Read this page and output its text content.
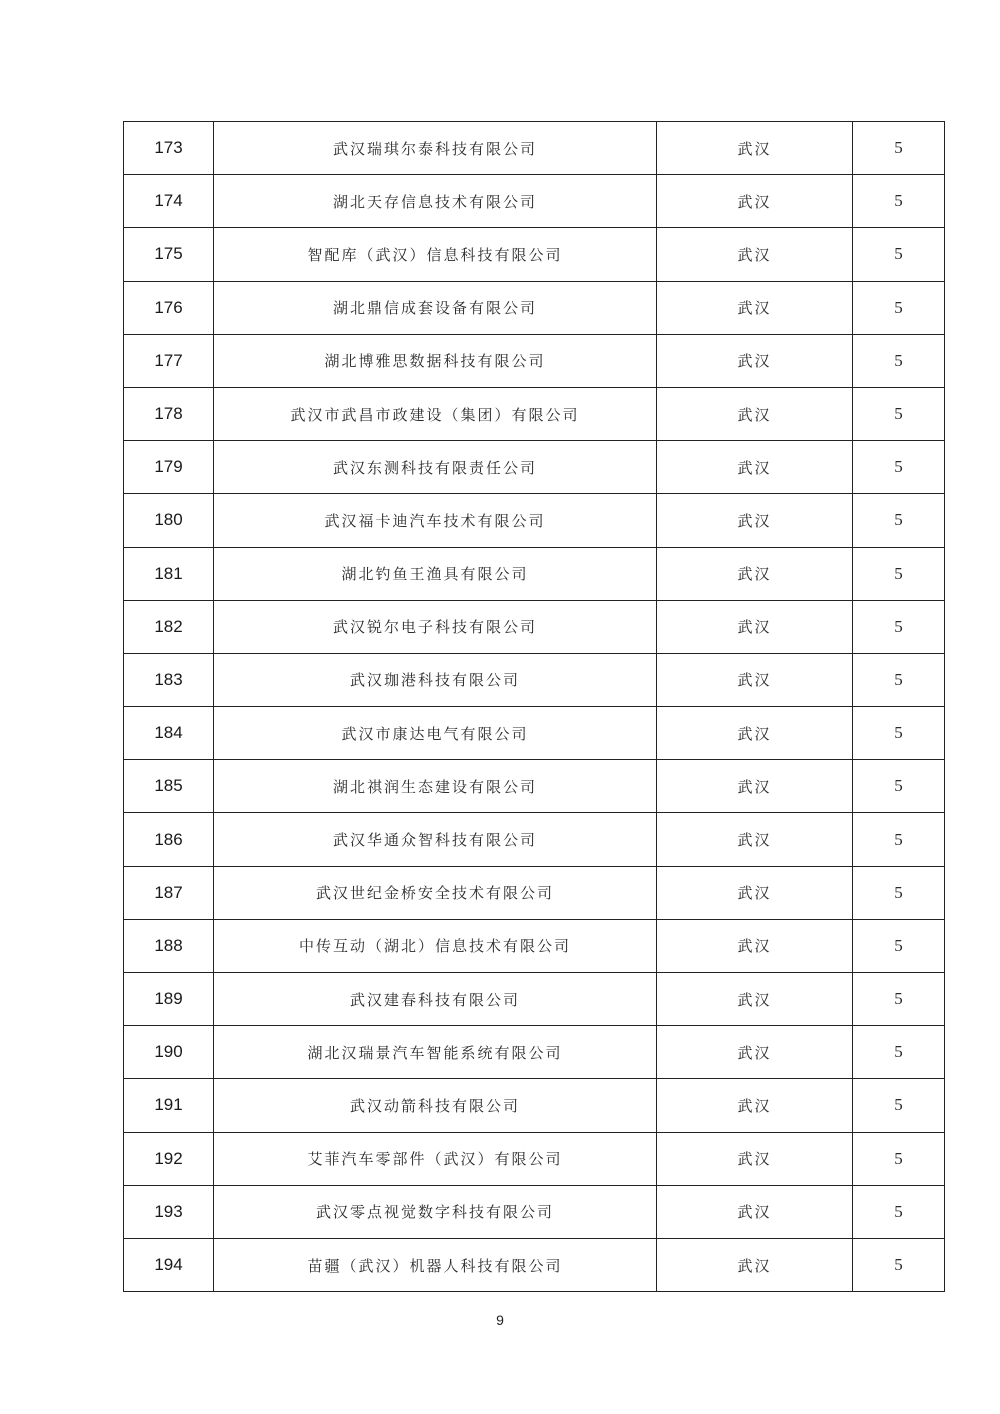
173	武汉瑞琪尔泰科技有限公司	武汉	5
174	湖北天存信息技术有限公司	武汉	5
175	智配库（武汉）信息科技有限公司	武汉	5
176	湖北鼎信成套设备有限公司	武汉	5
177	湖北博雅思数据科技有限公司	武汉	5
178	武汉市武昌市政建设（集团）有限公司	武汉	5
179	武汉东测科技有限责任公司	武汉	5
180	武汉福卡迪汽车技术有限公司	武汉	5
181	湖北钓鱼王渔具有限公司	武汉	5
182	武汉锐尔电子科技有限公司	武汉	5
183	武汉珈港科技有限公司	武汉	5
184	武汉市康达电气有限公司	武汉	5
185	湖北祺润生态建设有限公司	武汉	5
186	武汉华通众智科技有限公司	武汉	5
187	武汉世纪金桥安全技术有限公司	武汉	5
188	中传互动（湖北）信息技术有限公司	武汉	5
189	武汉建春科技有限公司	武汉	5
190	湖北汉瑞景汽车智能系统有限公司	武汉	5
191	武汉动箭科技有限公司	武汉	5
192	艾菲汽车零部件（武汉）有限公司	武汉	5
193	武汉零点视觉数字科技有限公司	武汉	5
194	苗疆（武汉）机器人科技有限公司	武汉	5
9
